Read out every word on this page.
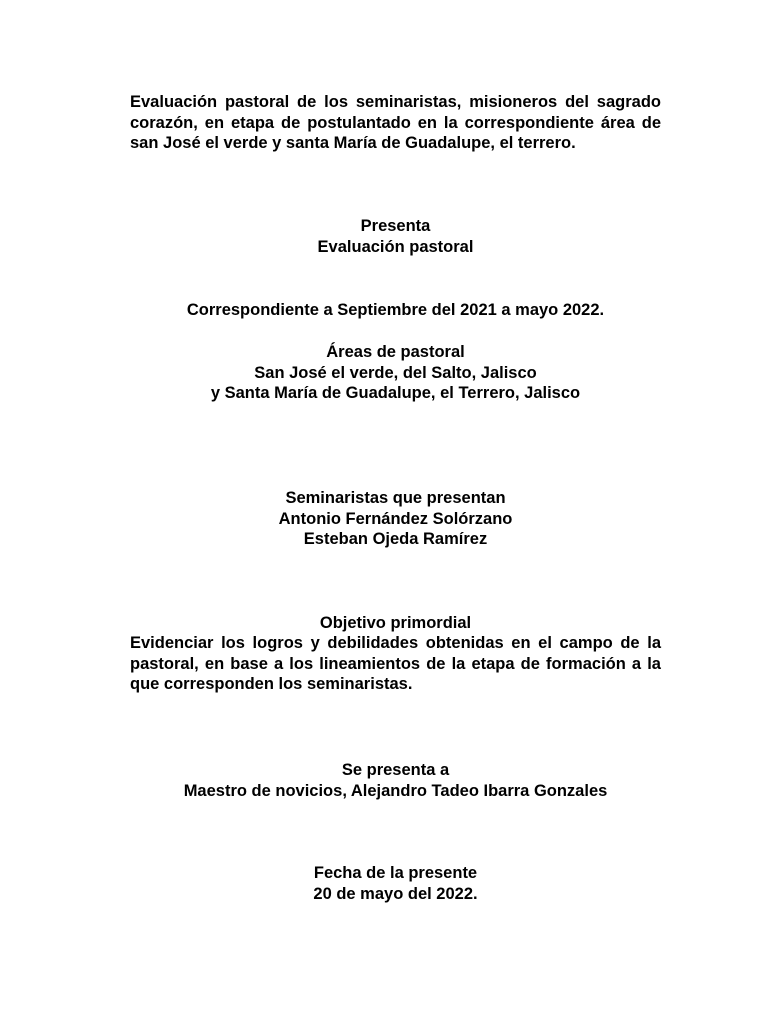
Evaluación pastoral de los seminaristas, misioneros del sagrado corazón, en etapa de postulantado en la correspondiente área de san José el verde y santa María de Guadalupe, el terrero.
Presenta
Evaluación pastoral
Correspondiente a Septiembre del 2021 a mayo 2022.
Áreas de pastoral
San José el verde, del Salto, Jalisco
y Santa María de Guadalupe, el Terrero, Jalisco
Seminaristas que presentan
Antonio Fernández Solórzano
Esteban Ojeda Ramírez
Objetivo primordial
Evidenciar los logros y debilidades obtenidas en el campo de la pastoral, en base a los lineamientos de la etapa de formación a la que corresponden los seminaristas.
Se presenta a
Maestro de novicios, Alejandro Tadeo Ibarra Gonzales
Fecha de la presente
20 de mayo del 2022.
